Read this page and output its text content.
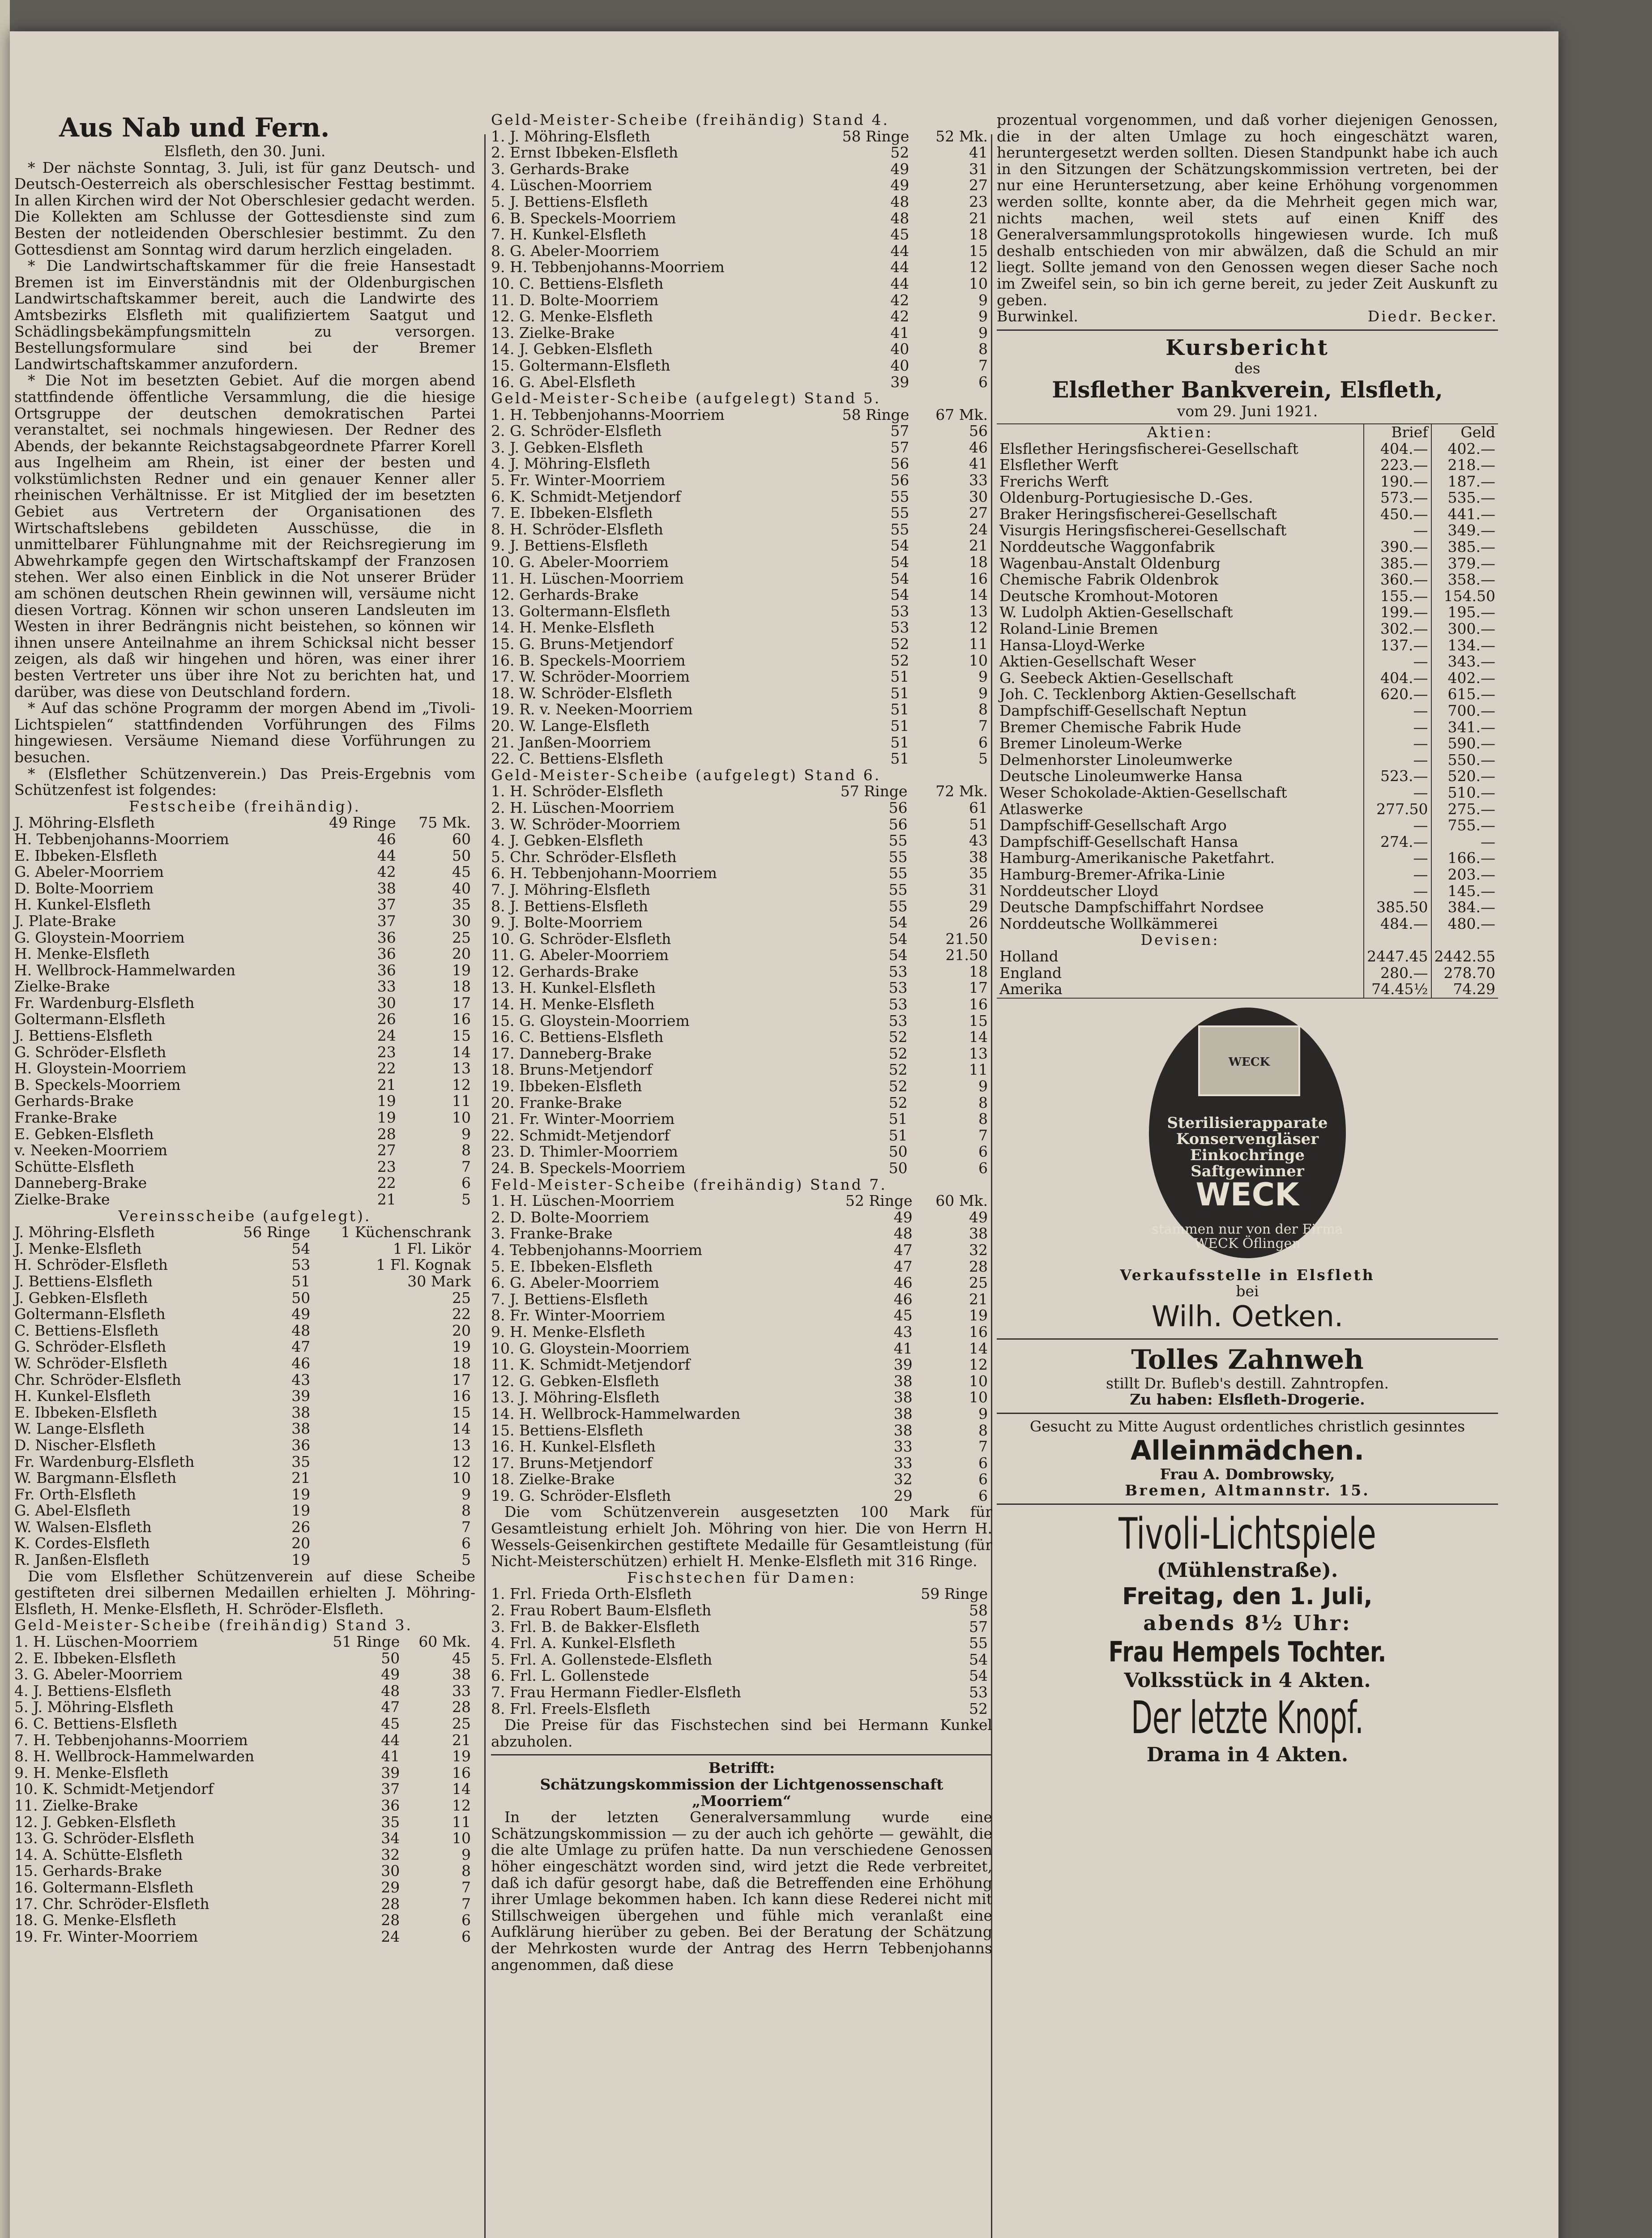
Aus Nab und Fern.

Elsfleth, den 30. Juni.

* Der nächste Sonntag, 3. Juli, ist für ganz Deutsch- und Deutsch-Oesterreich als oberschlesischer Festtag bestimmt. In allen Kirchen wird der Not Oberschlesier gedacht werden. Die Kollekten am Schlusse der Gottesdienste sind zum Besten der notleidenden Oberschlesier bestimmt. Zu den Gottesdienst am Sonntag wird darum herzlich eingeladen.

* Die Landwirtschaftskammer für die freie Hansestadt Bremen ist im Einverständnis mit der Oldenburgischen Landwirtschaftskammer bereit, auch die Landwirte des Amtsbezirks Elsfleth mit qualifiziertem Saatgut und Schädlingsbekämpfungsmitteln zu versorgen. Bestellungsformulare sind bei der Bremer Landwirtschaftskammer anzufordern.

* Die Not im besetzten Gebiet. Auf die morgen abend stattfindende öffentliche Versammlung, die die hiesige Ortsgruppe der deutschen demokratischen Partei veranstaltet, sei nochmals hingewiesen. Der Redner des Abends, der bekannte Reichstagsabgeordnete Pfarrer Korell aus Ingelheim am Rhein, ist einer der besten und volkstümlichsten Redner und ein genauer Kenner aller rheinischen Verhältnisse. Er ist Mitglied der im besetzten Gebiet aus Vertretern der Organisationen des Wirtschaftslebens gebildeten Ausschüsse, die in unmittelbarer Fühlungnahme mit der Reichsregierung im Abwehrkampfe gegen den Wirtschaftskampf der Franzosen stehen. Wer also einen Einblick in die Not unserer Brüder am schönen deutschen Rhein gewinnen will, versäume nicht diesen Vortrag. Können wir schon unseren Landsleuten im Westen in ihrer Bedrängnis nicht beistehen, so können wir ihnen unsere Anteilnahme an ihrem Schicksal nicht besser zeigen, als daß wir hingehen und hören, was einer ihrer besten Vertreter uns über ihre Not zu berichten hat, und darüber, was diese von Deutschland fordern.

* Auf das schöne Programm der morgen Abend im „Tivoli-Lichtspielen“ stattfindenden Vorführungen des Films hingewiesen. Versäume Niemand diese Vorführungen zu besuchen.

* (Elsflether Schützenverein.) Das Preis-Ergebnis vom Schützenfest ist folgendes:

Festscheibe (freihändig).

J. Möhring-Elsfleth	49 Ringe	75 Mk.
H. Tebbenjohanns-Moorriem	46	60
E. Ibbeken-Elsfleth	44	50
G. Abeler-Moorriem	42	45
D. Bolte-Moorriem	38	40
H. Kunkel-Elsfleth	37	35
J. Plate-Brake	37	30
G. Gloystein-Moorriem	36	25
H. Menke-Elsfleth	36	20
H. Wellbrock-Hammelwarden	36	19
Zielke-Brake	33	18
Fr. Wardenburg-Elsfleth	30	17
Goltermann-Elsfleth	26	16
J. Bettiens-Elsfleth	24	15
G. Schröder-Elsfleth	23	14
H. Gloystein-Moorriem	22	13
B. Speckels-Moorriem	21	12
Gerhards-Brake	19	11
Franke-Brake	19	10
E. Gebken-Elsfleth	28	9
v. Neeken-Moorriem	27	8
Schütte-Elsfleth	23	7
Danneberg-Brake	22	6
Zielke-Brake	21	5

Vereinsscheibe (aufgelegt).

J. Möhring-Elsfleth	56 Ringe	1 Küchenschrank
J. Menke-Elsfleth	54	1 Fl. Likör
H. Schröder-Elsfleth	53	1 Fl. Kognak
J. Bettiens-Elsfleth	51	30 Mark
J. Gebken-Elsfleth	50	25
Goltermann-Elsfleth	49	22
C. Bettiens-Elsfleth	48	20
G. Schröder-Elsfleth	47	19
W. Schröder-Elsfleth	46	18
Chr. Schröder-Elsfleth	43	17
H. Kunkel-Elsfleth	39	16
E. Ibbeken-Elsfleth	38	15
W. Lange-Elsfleth	38	14
D. Nischer-Elsfleth	36	13
Fr. Wardenburg-Elsfleth	35	12
W. Bargmann-Elsfleth	21	10
Fr. Orth-Elsfleth	19	9
G. Abel-Elsfleth	19	8
W. Walsen-Elsfleth	26	7
K. Cordes-Elsfleth	20	6
R. Janßen-Elsfleth	19	5

Die vom Elsflether Schützenverein auf diese Scheibe gestifteten drei silbernen Medaillen erhielten J. Möhring-Elsfleth, H. Menke-Elsfleth, H. Schröder-Elsfleth.

Geld-Meister-Scheibe (freihändig) Stand 3.

1. H. Lüschen-Moorriem	51 Ringe	60 Mk.
2. E. Ibbeken-Elsfleth	50	45
3. G. Abeler-Moorriem	49	38
4. J. Bettiens-Elsfleth	48	33
5. J. Möhring-Elsfleth	47	28
6. C. Bettiens-Elsfleth	45	25
7. H. Tebbenjohanns-Moorriem	44	21
8. H. Wellbrock-Hammelwarden	41	19
9. H. Menke-Elsfleth	39	16
10. K. Schmidt-Metjendorf	37	14
11. Zielke-Brake	36	12
12. J. Gebken-Elsfleth	35	11
13. G. Schröder-Elsfleth	34	10
14. A. Schütte-Elsfleth	32	9
15. Gerhards-Brake	30	8
16. Goltermann-Elsfleth	29	7
17. Chr. Schröder-Elsfleth	28	7
18. G. Menke-Elsfleth	28	6
19. Fr. Winter-Moorriem	24	6

Geld-Meister-Scheibe (freihändig) Stand 4.

1. J. Möhring-Elsfleth	58 Ringe	52 Mk.
2. Ernst Ibbeken-Elsfleth	52	41
3. Gerhards-Brake	49	31
4. Lüschen-Moorriem	49	27
5. J. Bettiens-Elsfleth	48	23
6. B. Speckels-Moorriem	48	21
7. H. Kunkel-Elsfleth	45	18
8. G. Abeler-Moorriem	44	15
9. H. Tebbenjohanns-Moorriem	44	12
10. C. Bettiens-Elsfleth	44	10
11. D. Bolte-Moorriem	42	9
12. G. Menke-Elsfleth	42	9
13. Zielke-Brake	41	9
14. J. Gebken-Elsfleth	40	8
15. Goltermann-Elsfleth	40	7
16. G. Abel-Elsfleth	39	6

Geld-Meister-Scheibe (aufgelegt) Stand 5.

1. H. Tebbenjohanns-Moorriem	58 Ringe	67 Mk.
2. G. Schröder-Elsfleth	57	56
3. J. Gebken-Elsfleth	57	46
4. J. Möhring-Elsfleth	56	41
5. Fr. Winter-Moorriem	56	33
6. K. Schmidt-Metjendorf	55	30
7. E. Ibbeken-Elsfleth	55	27
8. H. Schröder-Elsfleth	55	24
9. J. Bettiens-Elsfleth	54	21
10. G. Abeler-Moorriem	54	18
11. H. Lüschen-Moorriem	54	16
12. Gerhards-Brake	54	14
13. Goltermann-Elsfleth	53	13
14. H. Menke-Elsfleth	53	12
15. G. Bruns-Metjendorf	52	11
16. B. Speckels-Moorriem	52	10
17. W. Schröder-Moorriem	51	9
18. W. Schröder-Elsfleth	51	9
19. R. v. Neeken-Moorriem	51	8
20. W. Lange-Elsfleth	51	7
21. Janßen-Moorriem	51	6
22. C. Bettiens-Elsfleth	51	5

Geld-Meister-Scheibe (aufgelegt) Stand 6.

1. H. Schröder-Elsfleth	57 Ringe	72 Mk.
2. H. Lüschen-Moorriem	56	61
3. W. Schröder-Moorriem	56	51
4. J. Gebken-Elsfleth	55	43
5. Chr. Schröder-Elsfleth	55	38
6. H. Tebbenjohann-Moorriem	55	35
7. J. Möhring-Elsfleth	55	31
8. J. Bettiens-Elsfleth	55	29
9. J. Bolte-Moorriem	54	26
10. G. Schröder-Elsfleth	54	21.50
11. G. Abeler-Moorriem	54	21.50
12. Gerhards-Brake	53	18
13. H. Kunkel-Elsfleth	53	17
14. H. Menke-Elsfleth	53	16
15. G. Gloystein-Moorriem	53	15
16. C. Bettiens-Elsfleth	52	14
17. Danneberg-Brake	52	13
18. Bruns-Metjendorf	52	11
19. Ibbeken-Elsfleth	52	9
20. Franke-Brake	52	8
21. Fr. Winter-Moorriem	51	8
22. Schmidt-Metjendorf	51	7
23. D. Thimler-Moorriem	50	6
24. B. Speckels-Moorriem	50	6

Feld-Meister-Scheibe (freihändig) Stand 7.

1. H. Lüschen-Moorriem	52 Ringe	60 Mk.
2. D. Bolte-Moorriem	49	49
3. Franke-Brake	48	38
4. Tebbenjohanns-Moorriem	47	32
5. E. Ibbeken-Elsfleth	47	28
6. G. Abeler-Moorriem	46	25
7. J. Bettiens-Elsfleth	46	21
8. Fr. Winter-Moorriem	45	19
9. H. Menke-Elsfleth	43	16
10. G. Gloystein-Moorriem	41	14
11. K. Schmidt-Metjendorf	39	12
12. G. Gebken-Elsfleth	38	10
13. J. Möhring-Elsfleth	38	10
14. H. Wellbrock-Hammelwarden	38	9
15. Bettiens-Elsfleth	38	8
16. H. Kunkel-Elsfleth	33	7
17. Bruns-Metjendorf	33	6
18. Zielke-Brake	32	6
19. G. Schröder-Elsfleth	29	6

Die vom Schützenverein ausgesetzten 100 Mark für Gesamtleistung erhielt Joh. Möhring von hier. Die von Herrn H. Wessels-Geisenkirchen gestiftete Medaille für Gesamtleistung (für Nicht-Meisterschützen) erhielt H. Menke-Elsfleth mit 316 Ringe.

Fischstechen für Damen:

1. Frl. Frieda Orth-Elsfleth	59 Ringe
2. Frau Robert Baum-Elsfleth	58
3. Frl. B. de Bakker-Elsfleth	57
4. Frl. A. Kunkel-Elsfleth	55
5. Frl. A. Gollenstede-Elsfleth	54
6. Frl. L. Gollenstede	54
7. Frau Hermann Fiedler-Elsfleth	53
8. Frl. Freels-Elsfleth	52

Die Preise für das Fischstechen sind bei Hermann Kunkel abzuholen.

Betrifft:

Schätzungskommission der Lichtgenossenschaft „Moorriem“

In der letzten Generalversammlung wurde eine Schätzungskommission — zu der auch ich gehörte — gewählt, die die alte Umlage zu prüfen hatte. Da nun verschiedene Genossen höher eingeschätzt worden sind, wird jetzt die Rede verbreitet, daß ich dafür gesorgt habe, daß die Betreffenden eine Erhöhung ihrer Umlage bekommen haben. Ich kann diese Rederei nicht mit Stillschweigen übergehen und fühle mich veranlaßt eine Aufklärung hierüber zu geben. Bei der Beratung der Schätzung der Mehrkosten wurde der Antrag des Herrn Tebbenjohanns angenommen, daß diese

prozentual vorgenommen, und daß vorher diejenigen Genossen, die in der alten Umlage zu hoch eingeschätzt waren, heruntergesetzt werden sollten. Diesen Standpunkt habe ich auch in den Sitzungen der Schätzungskommission vertreten, bei der nur eine Heruntersetzung, aber keine Erhöhung vorgenommen werden sollte, konnte aber, da die Mehrheit gegen mich war, nichts machen, weil stets auf einen Kniff des Generalversammlungsprotokolls hingewiesen wurde. Ich muß deshalb entschieden von mir abwälzen, daß die Schuld an mir liegt. Sollte jemand von den Genossen wegen dieser Sache noch im Zweifel sein, so bin ich gerne bereit, zu jeder Zeit Auskunft zu geben.

Burwinkel.	Diedr. Becker.
Kursbericht
des
Elsflether Bankverein, Elsfleth,
vom 29. Juni 1921.
Aktien:	Brief	Geld
Elsflether Heringsfischerei-Gesellschaft	404.—	402.—
Elsflether Werft	223.—	218.—
Frerichs Werft	190.—	187.—
Oldenburg-Portugiesische D.-Ges.	573.—	535.—
Braker Heringsfischerei-Gesellschaft	450.—	441.—
Visurgis Heringsfischerei-Gesellschaft	—	349.—
Norddeutsche Waggonfabrik	390.—	385.—
Wagenbau-Anstalt Oldenburg	385.—	379.—
Chemische Fabrik Oldenbrok	360.—	358.—
Deutsche Kromhout-Motoren	155.—	154.50
W. Ludolph Aktien-Gesellschaft	199.—	195.—
Roland-Linie Bremen	302.—	300.—
Hansa-Lloyd-Werke	137.—	134.—
Aktien-Gesellschaft Weser	—	343.—
G. Seebeck Aktien-Gesellschaft	404.—	402.—
Joh. C. Tecklenborg Aktien-Gesellschaft	620.—	615.—
Dampfschiff-Gesellschaft Neptun	—	700.—
Bremer Chemische Fabrik Hude	—	341.—
Bremer Linoleum-Werke	—	590.—
Delmenhorster Linoleumwerke	—	550.—
Deutsche Linoleumwerke Hansa	523.—	520.—
Weser Schokolade-Aktien-Gesellschaft	—	510.—
Atlaswerke	277.50	275.—
Dampfschiff-Gesellschaft Argo	—	755.—
Dampfschiff-Gesellschaft Hansa	274.—	—
Hamburg-Amerikanische Paketfahrt.	—	166.—
Hamburg-Bremer-Afrika-Linie	—	203.—
Norddeutscher Lloyd	—	145.—
Deutsche Dampfschiffahrt Nordsee	385.50	384.—
Norddeutsche Wollkämmerei	484.—	480.—
Devisen:		
Holland	2447.45	2442.55
England	280.—	278.70
Amerika	74.45½	74.29
WECK
Sterilisierapparate Konservengläser Einkochringe Saftgewinner
WECK
stammen nur von der Firma WECK Öflingen
Verkaufsstelle in Elsfleth
bei
Wilh. Oetken.
Tolles Zahnweh
stillt Dr. Bufleb's destill. Zahntropfen.
Zu haben: Elsfleth-Drogerie.
Gesucht zu Mitte August ordentliches christlich gesinntes
Alleinmädchen.
Frau A. Dombrowsky,
Bremen, Altmannstr. 15.
Tivoli-Lichtspiele
(Mühlenstraße).
Freitag, den 1. Juli,
abends 8½ Uhr:
Frau Hempels Tochter.
Volksstück in 4 Akten.
Der letzte Knopf.
Drama in 4 Akten.
